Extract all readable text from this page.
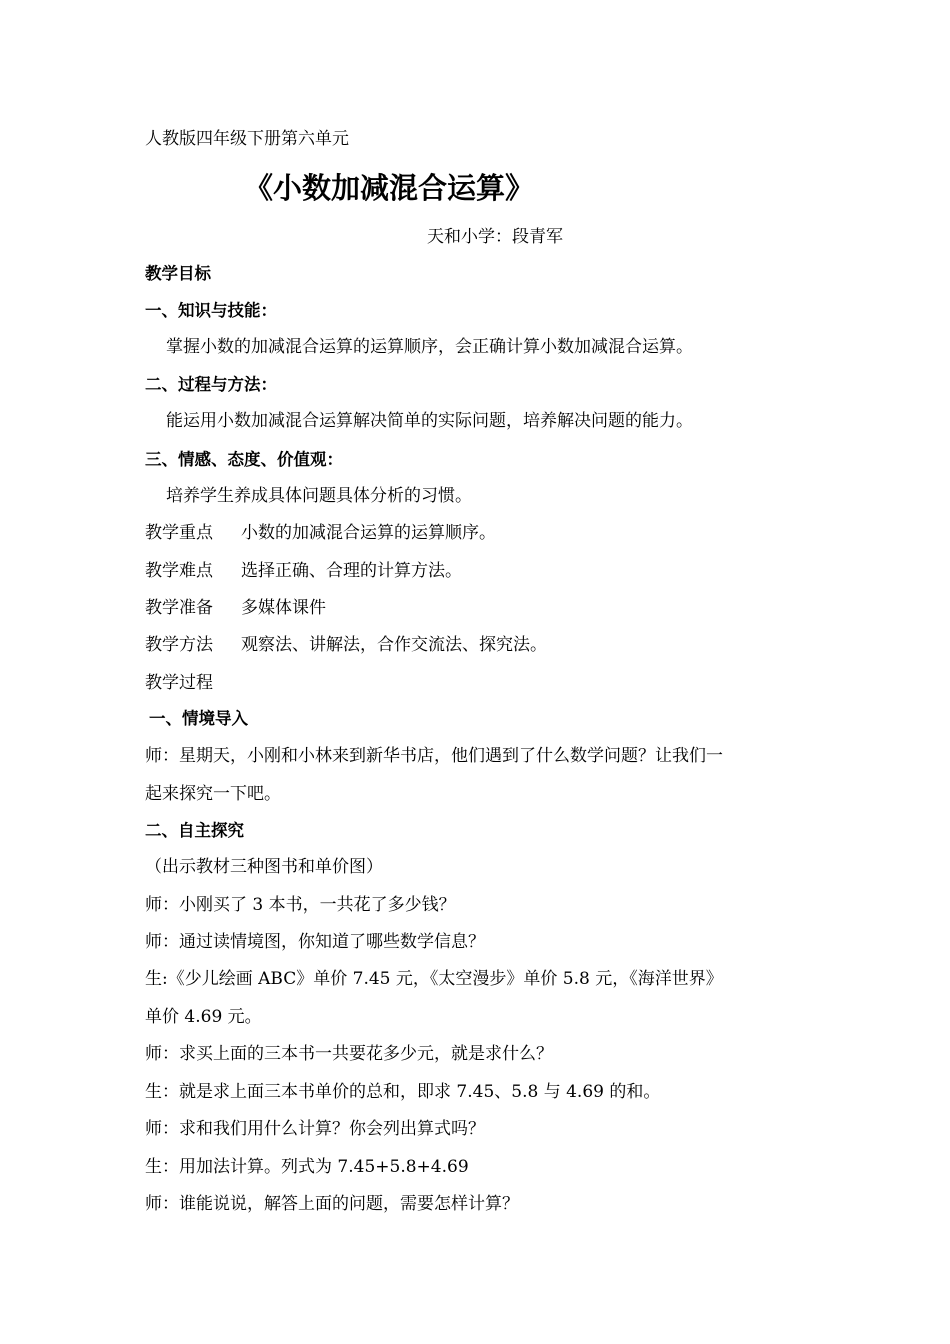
人教版四年级下册第六单元
《小数加减混合运算》
天和小学：段青军
教学目标
一、知识与技能：
掌握小数的加减混合运算的运算顺序，会正确计算小数加减混合运算。
二、过程与方法：
能运用小数加减混合运算解决简单的实际问题，培养解决问题的能力。
三、情感、态度、价值观：
培养学生养成具体问题具体分析的习惯。
教学重点 小数的加减混合运算的运算顺序。
教学难点 选择正确、合理的计算方法。
教学准备 多媒体课件
教学方法 观察法、讲解法，合作交流法、探究法。
教学过程
一、情境导入
师：星期天，小刚和小林来到新华书店，他们遇到了什么数学问题？让我们一
起来探究一下吧。
二、自主探究
（出示教材三种图书和单价图）
师：小刚买了 3 本书，一共花了多少钱？
师：通过读情境图，你知道了哪些数学信息？
生:《少儿绘画 ABC》单价 7.45 元，《太空漫步》单价 5.8 元，《海洋世界》
单价 4.69 元。
师：求买上面的三本书一共要花多少元，就是求什么？
生：就是求上面三本书单价的总和，即求 7.45、5.8 与 4.69 的和。
师：求和我们用什么计算？你会列出算式吗？
生：用加法计算。列式为 7.45+5.8+4.69
师：谁能说说，解答上面的问题，需要怎样计算？
